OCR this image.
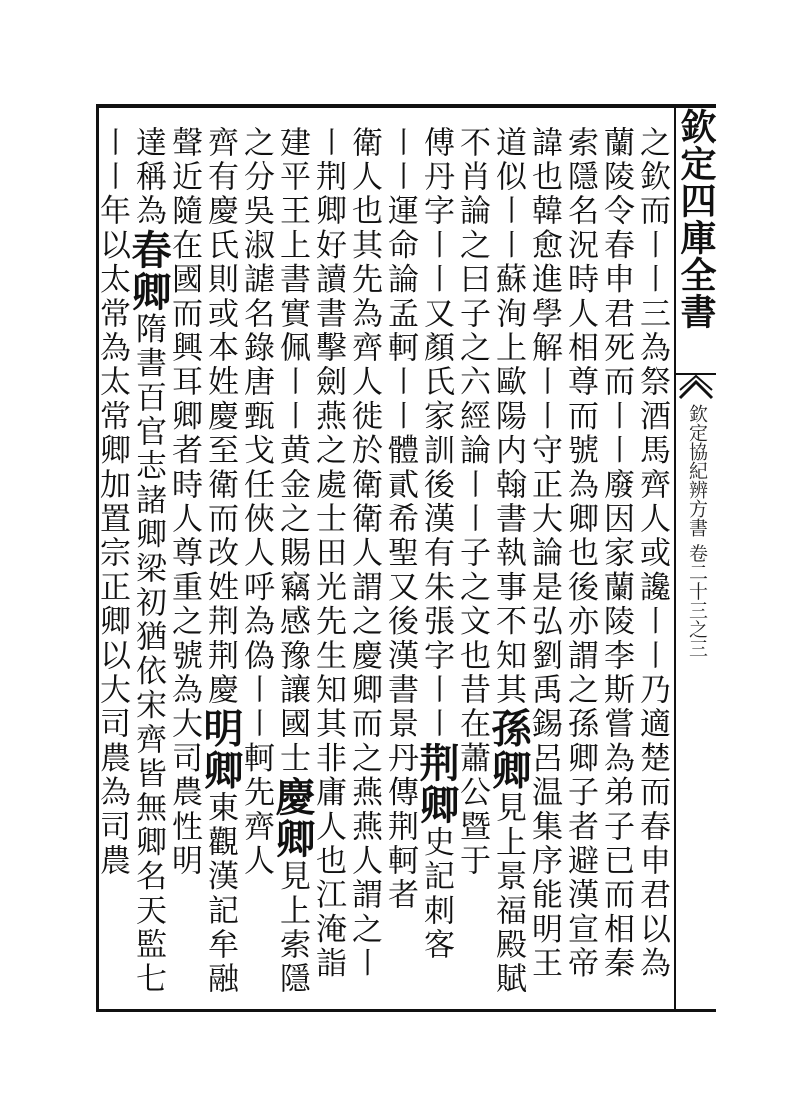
欽定四庫全書
欽定協紀辨方書 卷二十三之三
之欽而〡〡三為祭酒馬齊人或讒〡〡乃適楚而春申君以為
蘭陵令春申君死而〡〡廢因家蘭陵李斯嘗為弟子已而相秦
索隱名況時人相尊而號為卿也後亦謂之孫卿子者避漢宣帝
諱也韓愈進學解〡〡守正大論是弘劉禹錫呂温集序能明王
道似〡〡蘇洵上歐陽内翰書執事不知其孫卿見上景福殿賦
不肖論之曰子之六經論〡〡子之文也昔在蕭公暨于
傅丹字〡〡又顏氏家訓後漢有朱張字〡〡荆卿史記刺客
〡〡運命論孟軻〡〡體貳希聖又後漢書景丹傳荆軻者
衛人也其先為齊人徙於衛衛人謂之慶卿而之燕燕人謂之〡
〡荆卿好讀書擊劍燕之處士田光先生知其非庸人也江淹詣
建平王上書實佩〡〡黄金之賜竊感豫讓國士慶卿見上索隱
之分吳淑謔名錄唐甄戈任俠人呼為偽〡〡軻先齊人
齊有慶氏則或本姓慶至衛而改姓荆荆慶明卿東觀漢記牟融
聲近隨在國而興耳卿者時人尊重之號為大司農性明
達稱為春卿隋書百官志諸卿梁初猶依宋齊皆無卿名天監七
〡〡年以太常為太常卿加置宗正卿以大司農為司農
